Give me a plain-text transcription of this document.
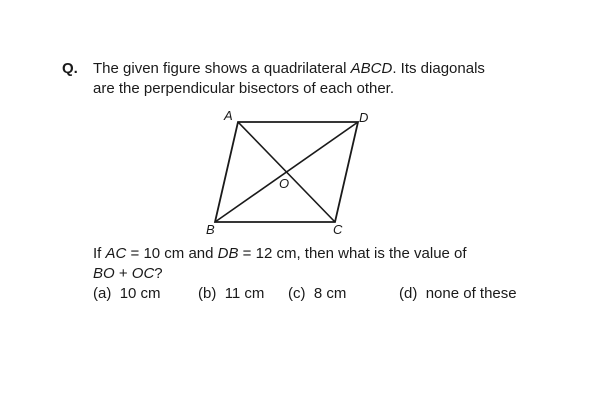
Q. The given figure shows a quadrilateral ABCD. Its diagonals
are the perpendicular bisectors of each other.
A	D
B	C
O
If AC = 10 cm and DB = 12 cm, then what is the value of
BO + OC?
(a) 10 cm (b) 11 cm (c) 8 cm	(d) none of these
